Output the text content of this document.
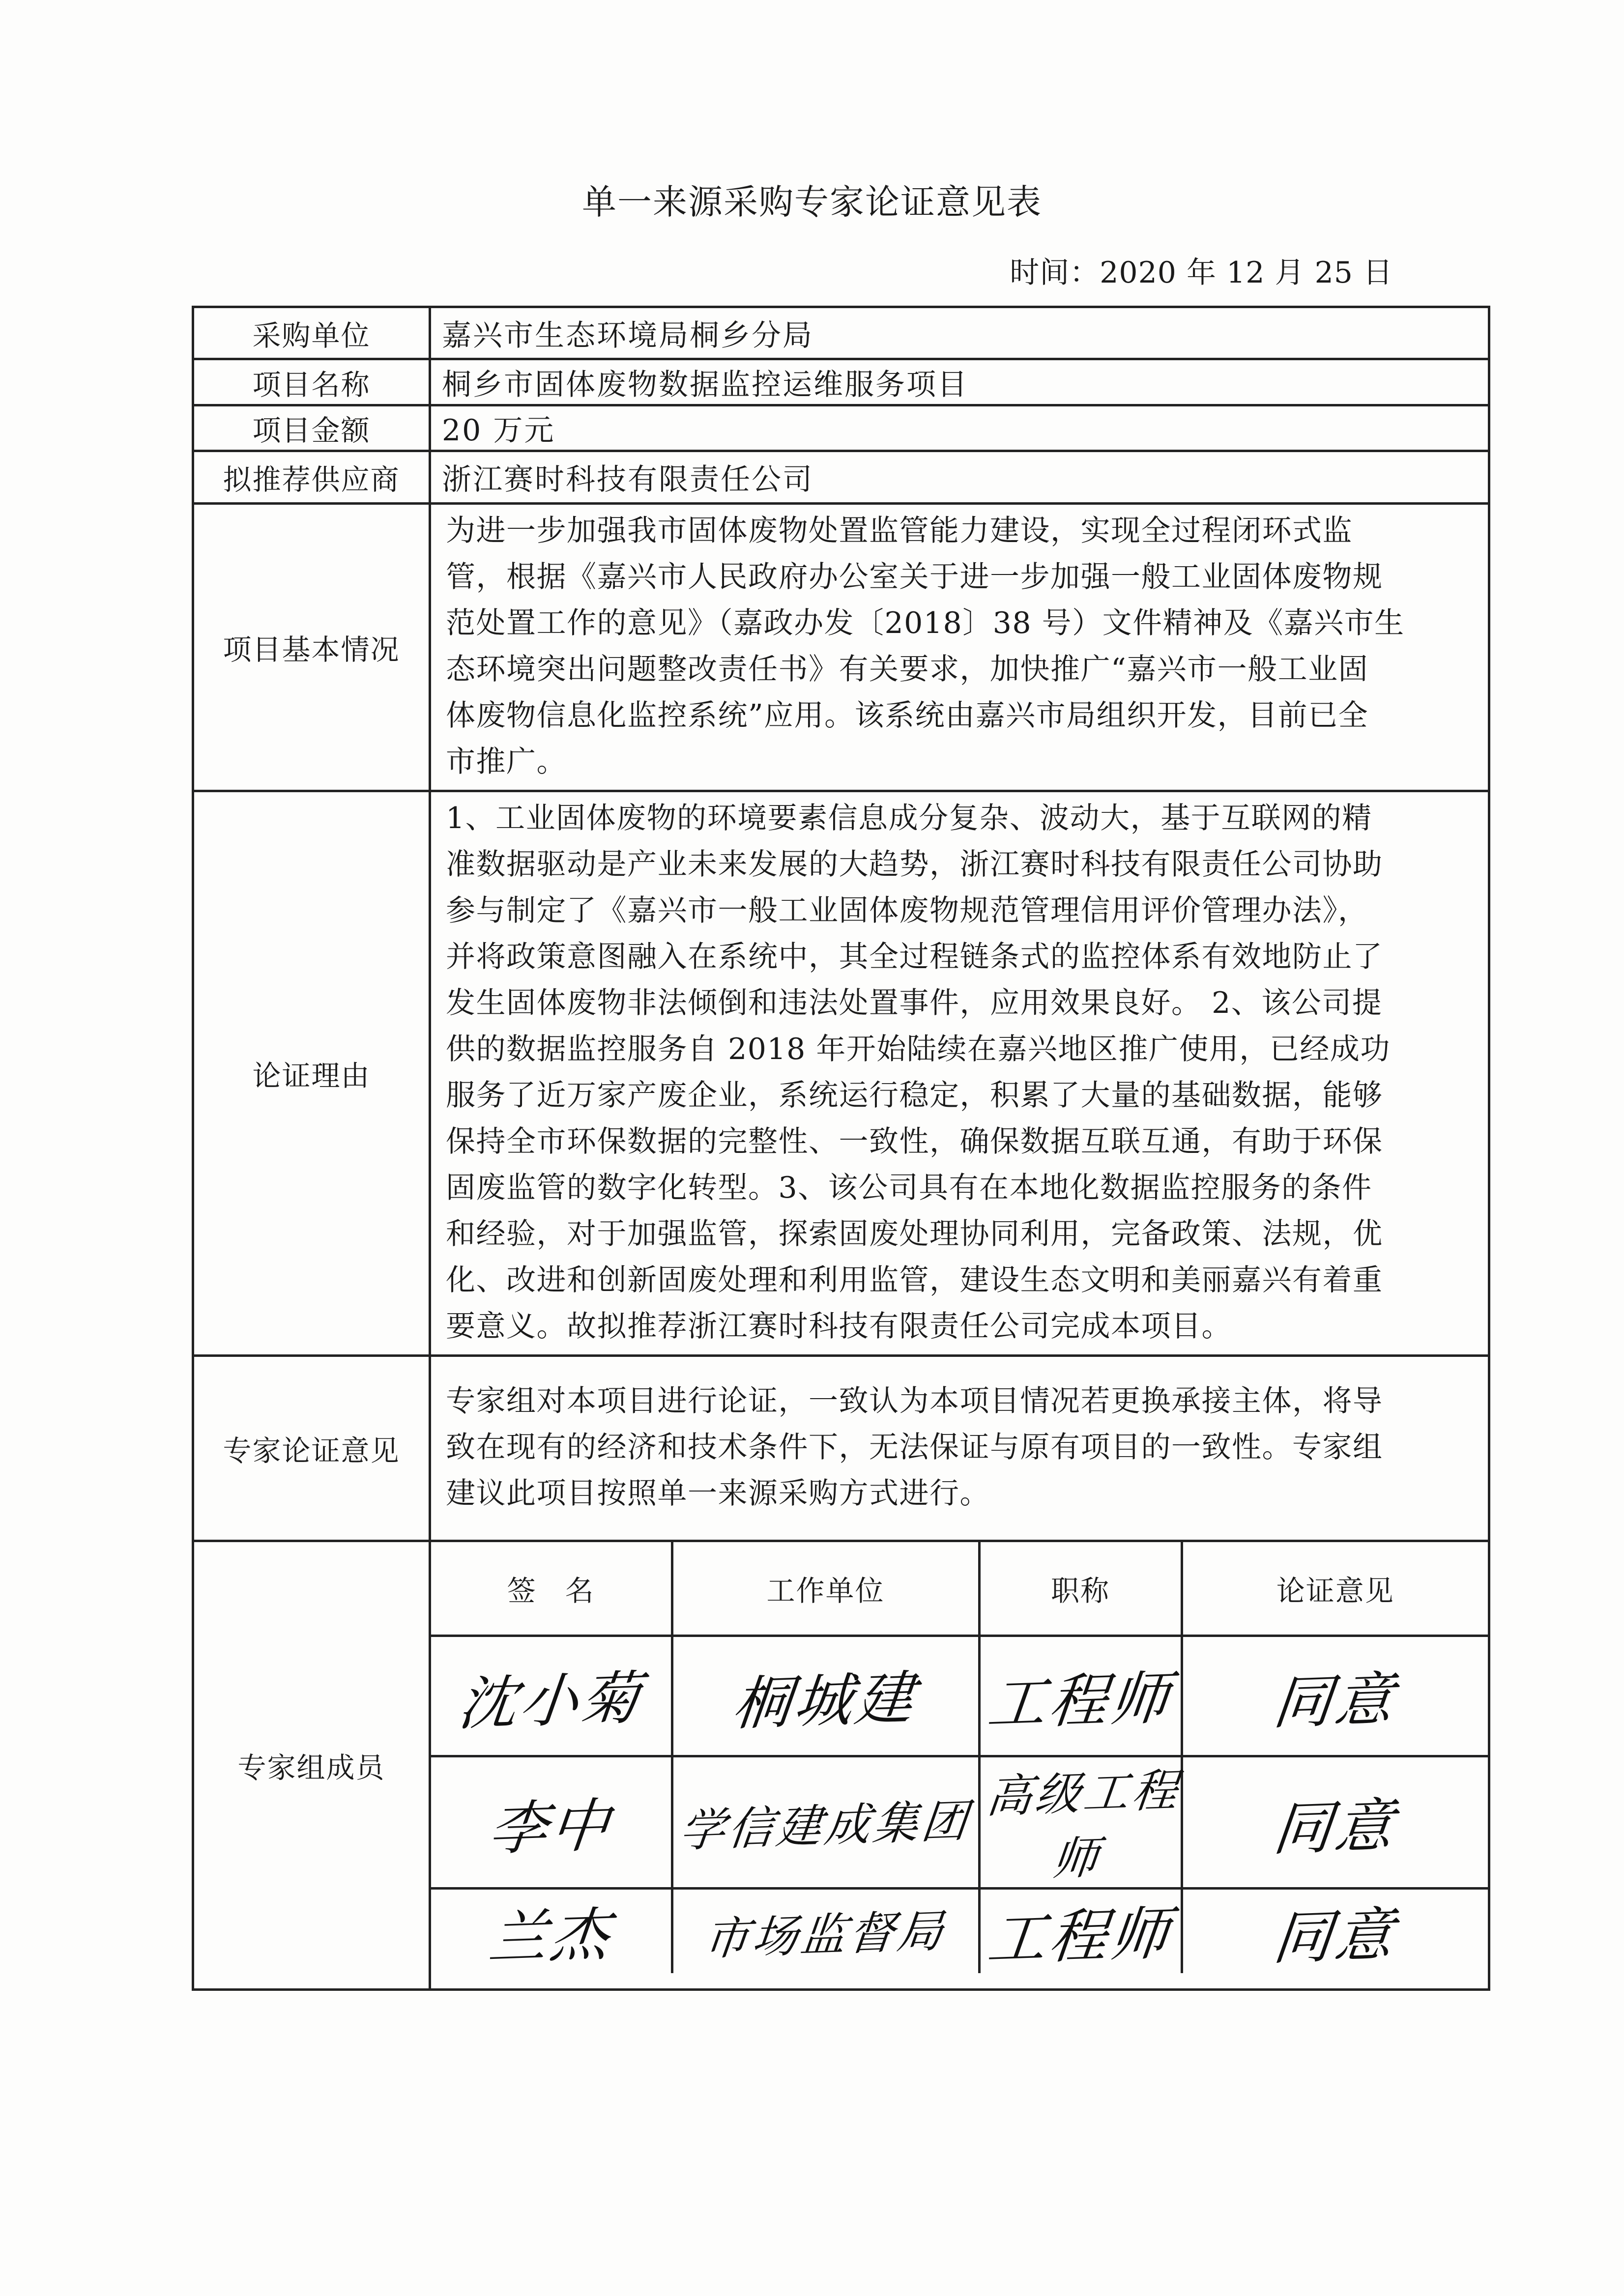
单一来源采购专家论证意见表
时间：2020 年 12 月 25 日
采购单位	嘉兴市生态环境局桐乡分局
项目名称	桐乡市固体废物数据监控运维服务项目
项目金额	20 万元
拟推荐供应商	浙江赛时科技有限责任公司
项目基本情况	
为进一步加强我市固体废物处置监管能力建设，实现全过程闭环式监
管，根据《嘉兴市人民政府办公室关于进一步加强一般工业固体废物规
范处置工作的意见》（嘉政办发〔2018〕38 号）文件精神及《嘉兴市生
态环境突出问题整改责任书》有关要求，加快推广“嘉兴市一般工业固
体废物信息化监控系统”应用。该系统由嘉兴市局组织开发，目前已全
市推广。

论证理由	
1、工业固体废物的环境要素信息成分复杂、波动大，基于互联网的精
准数据驱动是产业未来发展的大趋势，浙江赛时科技有限责任公司协助
参与制定了《嘉兴市一般工业固体废物规范管理信用评价管理办法》，
并将政策意图融入在系统中，其全过程链条式的监控体系有效地防止了
发生固体废物非法倾倒和违法处置事件，应用效果良好。 2、该公司提
供的数据监控服务自 2018 年开始陆续在嘉兴地区推广使用，已经成功
服务了近万家产废企业，系统运行稳定，积累了大量的基础数据，能够
保持全市环保数据的完整性、一致性，确保数据互联互通，有助于环保
固废监管的数字化转型。3、该公司具有在本地化数据监控服务的条件
和经验，对于加强监管，探索固废处理协同利用，完备政策、法规，优
化、改进和创新固废处理和利用监管，建设生态文明和美丽嘉兴有着重
要意义。故拟推荐浙江赛时科技有限责任公司完成本项目。

专家论证意见	
专家组对本项目进行论证，一致认为本项目情况若更换承接主体，将导
致在现有的经济和技术条件下，无法保证与原有项目的一致性。专家组
建议此项目按照单一来源采购方式进行。

专家组成员	
签名	工作单位	职称	论证意见
沈小菊	桐城建	工程师	同意
李中	学信建成集团	高级工程师	同意
兰杰	市场监督局	工程师	同意
